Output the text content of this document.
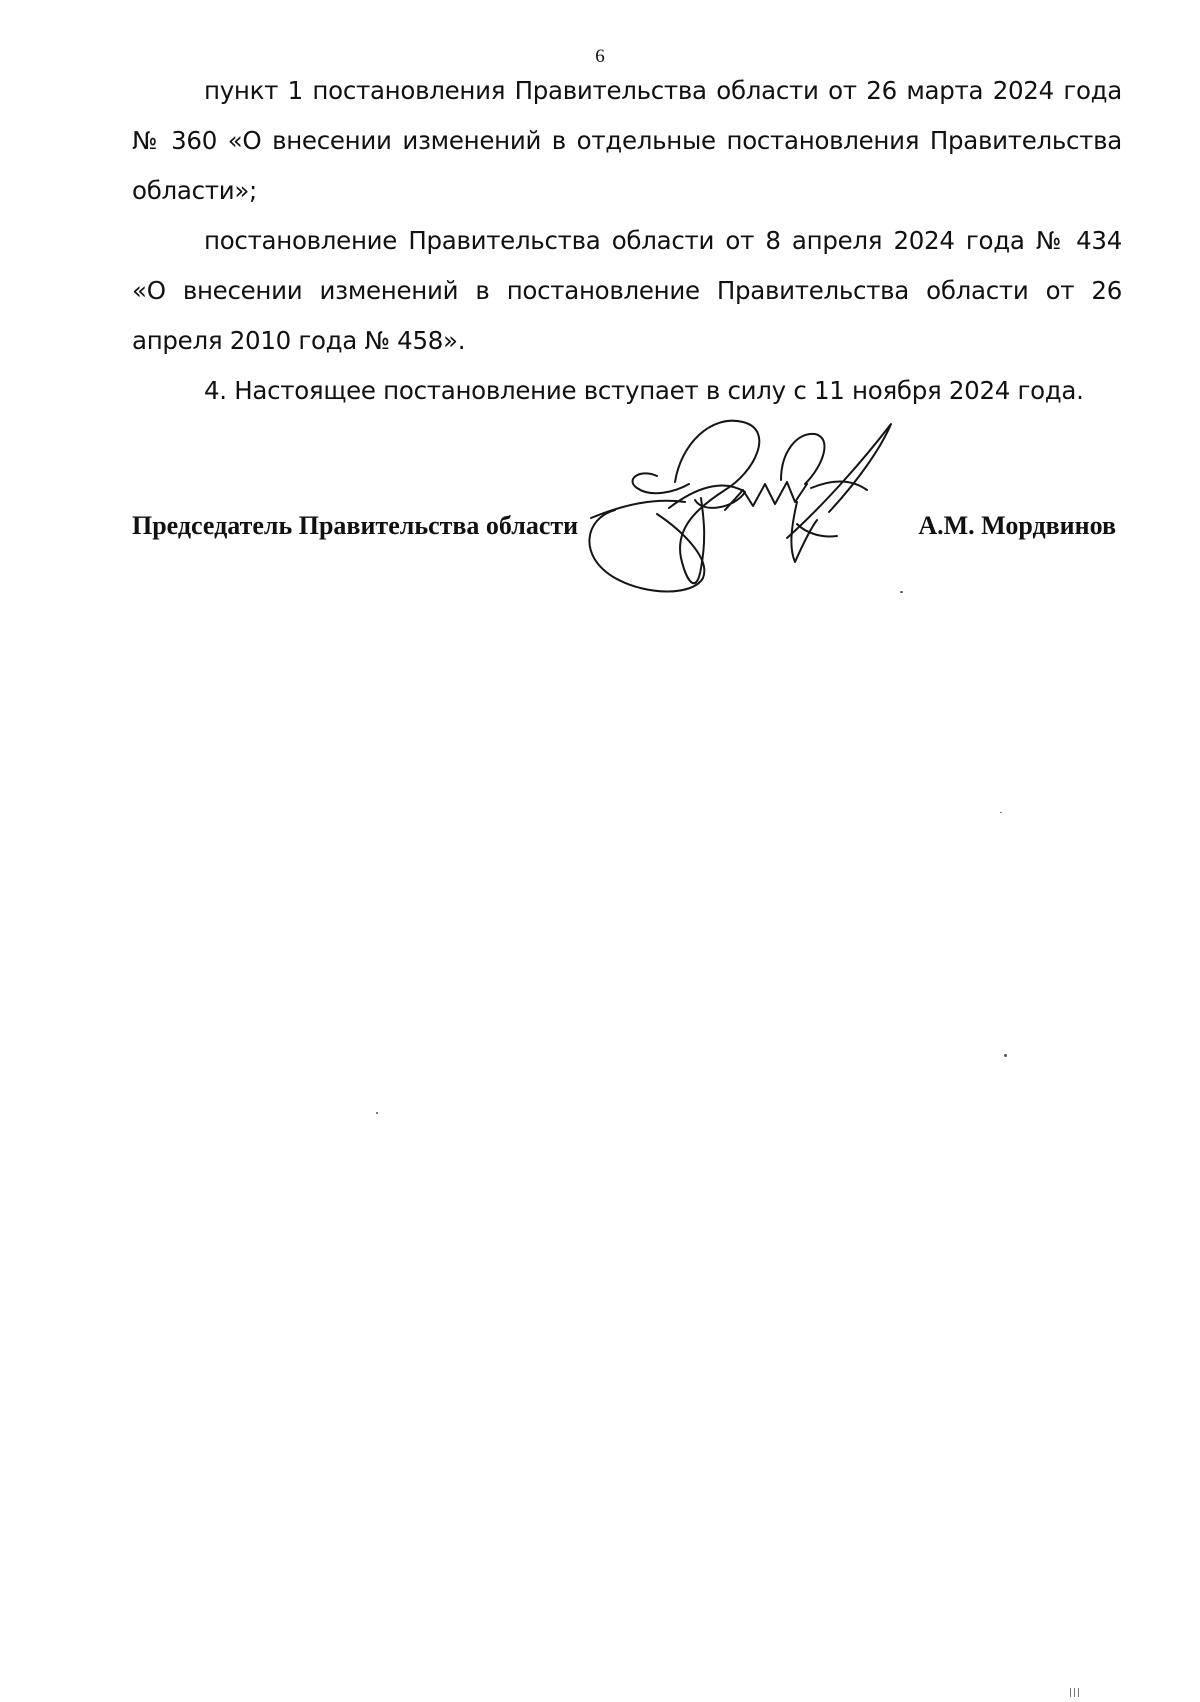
6

пункт 1 постановления Правительства области от 26 марта 2024 года № 360 «О внесении изменений в отдельные постановления Правительства области»;

постановление Правительства области от 8 апреля 2024 года № 434 «О внесении изменений в постановление Правительства области от 26 апреля 2010 года № 458».

4. Настоящее постановление вступает в силу с 11 ноября 2024 года.

Председатель Правительства области	А.М. Мордвинов
